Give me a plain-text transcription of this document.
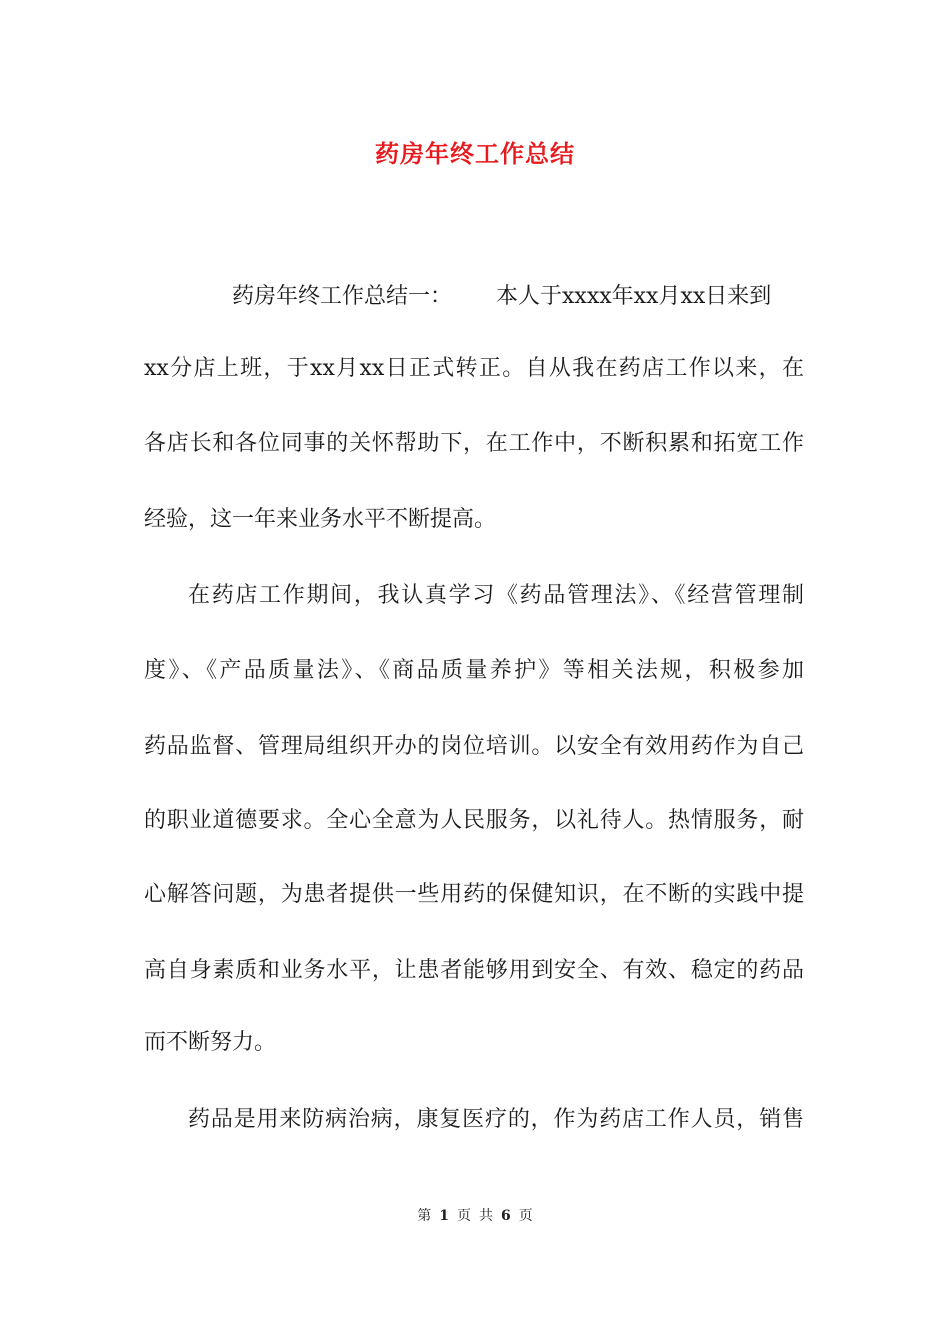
药房年终工作总结
药房年终工作总结一： 本人于xxxx年xx月xx日来到
xx分店上班，于xx月xx日正式转正。自从我在药店工作以来，在
各店长和各位同事的关怀帮助下，在工作中，不断积累和拓宽工作
经验，这一年来业务水平不断提高。
在药店工作期间，我认真学习《药品管理法》、《经营管理制
度》、《产品质量法》、《商品质量养护》等相关法规，积极参加
药品监督、管理局组织开办的岗位培训。以安全有效用药作为自己
的职业道德要求。全心全意为人民服务，以礼待人。热情服务，耐
心解答问题，为患者提供一些用药的保健知识，在不断的实践中提
高自身素质和业务水平，让患者能够用到安全、有效、稳定的药品
而不断努力。
药品是用来防病治病，康复医疗的，作为药店工作人员，销售
第 1 页 共 6 页
